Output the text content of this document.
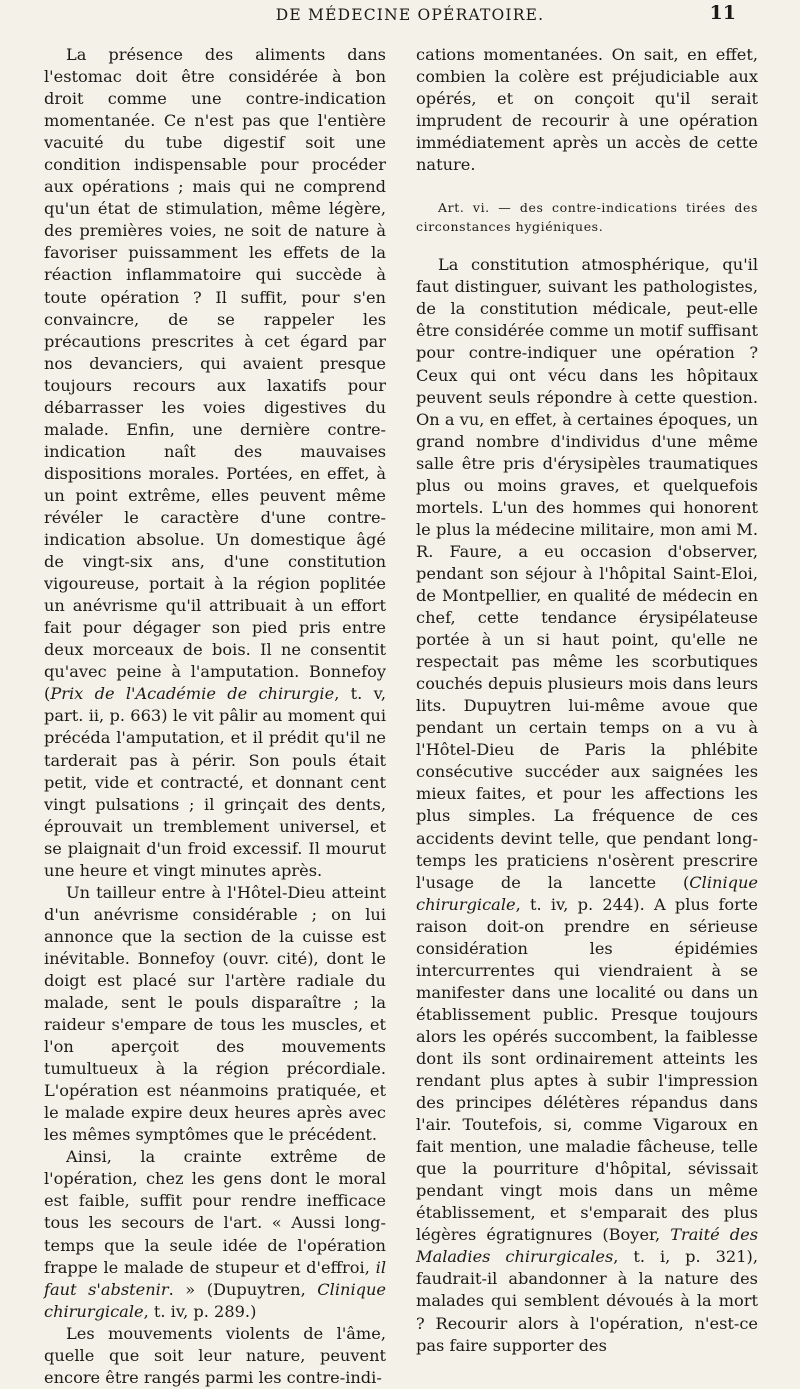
DE MÉDECINE OPÉRATOIRE.	11

La présence des aliments dans l'estomac doit être considérée à bon droit comme une contre-indication momentanée. Ce n'est pas que l'entière vacuité du tube digestif soit une condition indispensable pour procéder aux opérations ; mais qui ne comprend qu'un état de stimulation, même légère, des premières voies, ne soit de nature à favoriser puissamment les effets de la réaction inflammatoire qui succède à toute opération ? Il suffit, pour s'en convaincre, de se rappeler les précautions prescrites à cet égard par nos devanciers, qui avaient presque toujours recours aux laxatifs pour débarrasser les voies digestives du malade. Enfin, une dernière contre-indication naît des mauvaises dispositions morales. Portées, en effet, à un point extrême, elles peuvent même révéler le caractère d'une contre-indication absolue. Un domestique âgé de vingt-six ans, d'une constitution vigoureuse, portait à la région poplitée un anévrisme qu'il attribuait à un effort fait pour dégager son pied pris entre deux morceaux de bois. Il ne consentit qu'avec peine à l'amputation. Bonnefoy (Prix de l'Académie de chirurgie, t. v, part. ii, p. 663) le vit pâlir au moment qui précéda l'amputation, et il prédit qu'il ne tarderait pas à périr. Son pouls était petit, vide et contracté, et donnant cent vingt pulsations ; il grinçait des dents, éprouvait un tremblement universel, et se plaignait d'un froid excessif. Il mourut une heure et vingt minutes après.

Un tailleur entre à l'Hôtel-Dieu atteint d'un anévrisme considérable ; on lui annonce que la section de la cuisse est inévitable. Bonnefoy (ouvr. cité), dont le doigt est placé sur l'artère radiale du malade, sent le pouls disparaître ; la raideur s'empare de tous les muscles, et l'on aperçoit des mouvements tumultueux à la région précordiale. L'opération est néanmoins pratiquée, et le malade expire deux heures après avec les mêmes symptômes que le précédent.

Ainsi, la crainte extrême de l'opération, chez les gens dont le moral est faible, suffit pour rendre inefficace tous les secours de l'art. « Aussi long-temps que la seule idée de l'opération frappe le malade de stupeur et d'effroi, il faut s'abstenir. » (Dupuytren, Clinique chirurgicale, t. iv, p. 289.)

Les mouvements violents de l'âme, quelle que soit leur nature, peuvent encore être rangés parmi les contre-indi-

cations momentanées. On sait, en effet, combien la colère est préjudiciable aux opérés, et on conçoit qu'il serait imprudent de recourir à une opération immédiatement après un accès de cette nature.

Art. vi. — des contre-indications tirées des circonstances hygiéniques.

La constitution atmosphérique, qu'il faut distinguer, suivant les pathologistes, de la constitution médicale, peut-elle être considérée comme un motif suffisant pour contre-indiquer une opération ? Ceux qui ont vécu dans les hôpitaux peuvent seuls répondre à cette question. On a vu, en effet, à certaines époques, un grand nombre d'individus d'une même salle être pris d'érysipèles traumatiques plus ou moins graves, et quelquefois mortels. L'un des hommes qui honorent le plus la médecine militaire, mon ami M. R. Faure, a eu occasion d'observer, pendant son séjour à l'hôpital Saint-Eloi, de Montpellier, en qualité de médecin en chef, cette tendance érysipélateuse portée à un si haut point, qu'elle ne respectait pas même les scorbutiques couchés depuis plusieurs mois dans leurs lits. Dupuytren lui-même avoue que pendant un certain temps on a vu à l'Hôtel-Dieu de Paris la phlébite consécutive succéder aux saignées les mieux faites, et pour les affections les plus simples. La fréquence de ces accidents devint telle, que pendant long-temps les praticiens n'osèrent prescrire l'usage de la lancette (Clinique chirurgicale, t. iv, p. 244). A plus forte raison doit-on prendre en sérieuse considération les épidémies intercurrentes qui viendraient à se manifester dans une localité ou dans un établissement public. Presque toujours alors les opérés succombent, la faiblesse dont ils sont ordinairement atteints les rendant plus aptes à subir l'impression des principes délétères répandus dans l'air. Toutefois, si, comme Vigaroux en fait mention, une maladie fâcheuse, telle que la pourriture d'hôpital, sévissait pendant vingt mois dans un même établissement, et s'emparait des plus légères égratignures (Boyer, Traité des Maladies chirurgicales, t. i, p. 321), faudrait-il abandonner à la nature des malades qui semblent dévoués à la mort ? Recourir alors à l'opération, n'est-ce pas faire supporter des
